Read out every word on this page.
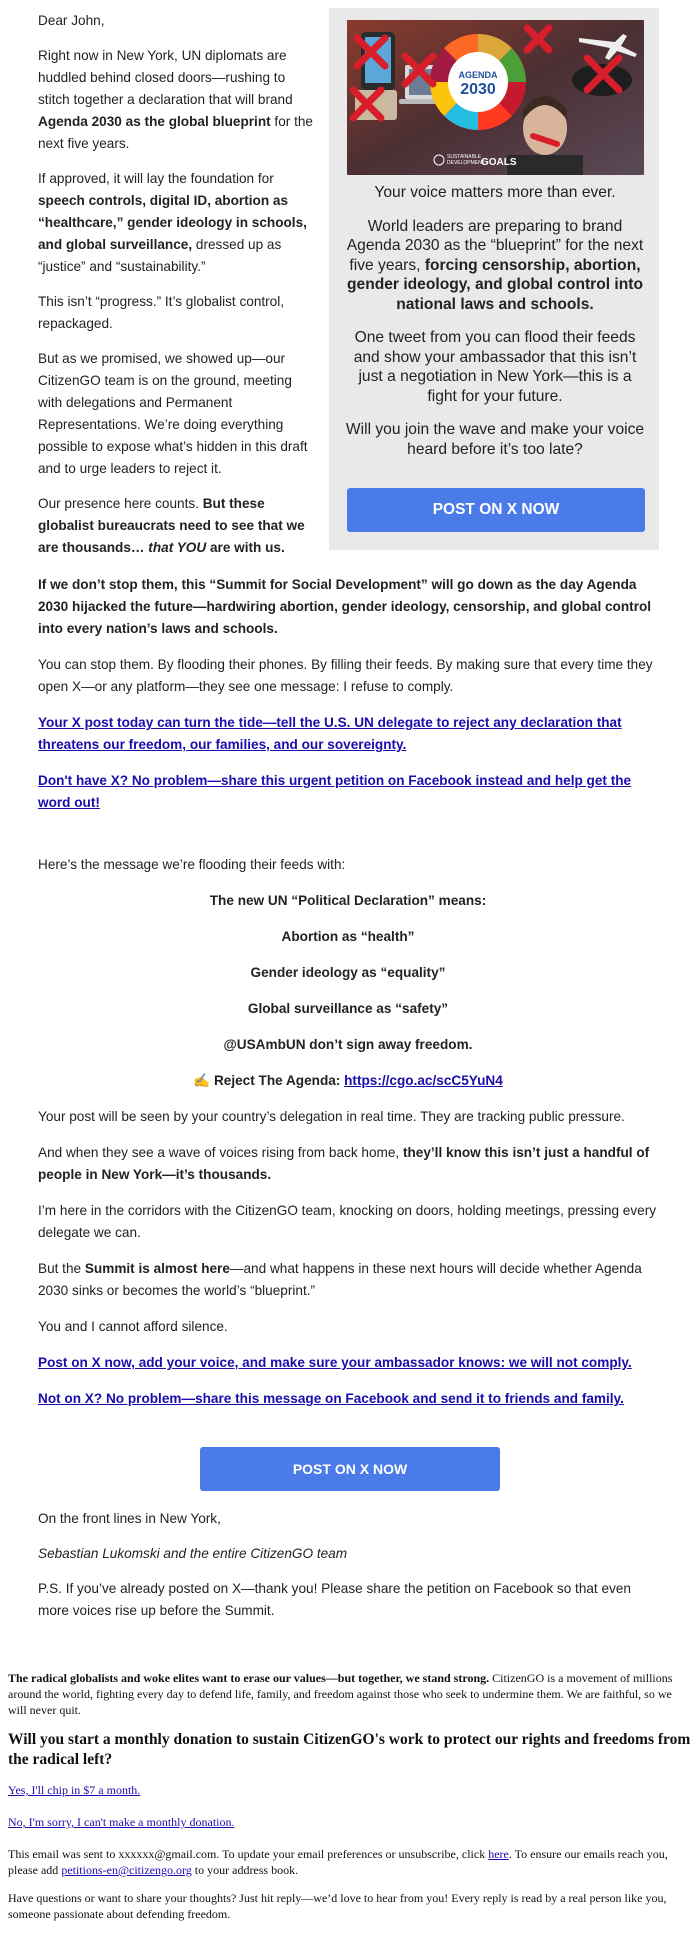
Dear John,

Right now in New York, UN diplomats are huddled behind closed doors—rushing to stitch together a declaration that will brand Agenda 2030 as the global blueprint for the next five years.

If approved, it will lay the foundation for speech controls, digital ID, abortion as “healthcare,” gender ideology in schools, and global surveillance, dressed up as “justice” and “sustainability.”

This isn’t “progress.” It’s globalist control, repackaged.

But as we promised, we showed up—our CitizenGO team is on the ground, meeting with delegations and Permanent Representations. We’re doing everything possible to expose what’s hidden in this draft and to urge leaders to reject it.

Our presence here counts. But these globalist bureaucrats need to see that we are thousands… that YOU are with us.

AGENDA
2030
SUSTAINABLE
DEVELOPMENT
GOALS

Your voice matters more than ever.

World leaders are preparing to brand Agenda 2030 as the “blueprint” for the next five years, forcing censorship, abortion, gender ideology, and global control into national laws and schools.

One tweet from you can flood their feeds and show your ambassador that this isn’t just a negotiation in New York—this is a fight for your future.

Will you join the wave and make your voice heard before it’s too late?

POST ON X NOW

If we don’t stop them, this “Summit for Social Development” will go down as the day Agenda 2030 hijacked the future—hardwiring abortion, gender ideology, censorship, and global control into every nation’s laws and schools.

You can stop them. By flooding their phones. By filling their feeds. By making sure that every time they open X—or any platform—they see one message: I refuse to comply.

Your X post today can turn the tide—tell the U.S. UN delegate to reject any declaration that threatens our freedom, our families, and our sovereignty.

Don't have X? No problem—share this urgent petition on Facebook instead and help get the word out!

Here’s the message we’re flooding their feeds with:

The new UN “Political Declaration” means:

Abortion as “health”

Gender ideology as “equality”

Global surveillance as “safety”

@USAmbUN don’t sign away freedom.

✍️ Reject The Agenda: https://cgo.ac/scC5YuN4

Your post will be seen by your country’s delegation in real time. They are tracking public pressure.

And when they see a wave of voices rising from back home, they’ll know this isn’t just a handful of people in New York—it’s thousands.

I’m here in the corridors with the CitizenGO team, knocking on doors, holding meetings, pressing every delegate we can.

But the Summit is almost here—and what happens in these next hours will decide whether Agenda 2030 sinks or becomes the world’s “blueprint.”

You and I cannot afford silence.

Post on X now, add your voice, and make sure your ambassador knows: we will not comply.

Not on X? No problem—share this message on Facebook and send it to friends and family.

POST ON X NOW

On the front lines in New York,

Sebastian Lukomski and the entire CitizenGO team

P.S. If you’ve already posted on X—thank you! Please share the petition on Facebook so that even more voices rise up before the Summit.

The radical globalists and woke elites want to erase our values—but together, we stand strong. CitizenGO is a movement of millions around the world, fighting every day to defend life, family, and freedom against those who seek to undermine them. We are faithful, so we will never quit.

Will you start a monthly donation to sustain CitizenGO's work to protect our rights and freedoms from the radical left?

Yes, I'll chip in $7 a month.

No, I'm sorry, I can't make a monthly donation.

This email was sent to xxxxxx@gmail.com. To update your email preferences or unsubscribe, click here. To ensure our emails reach you, please add petitions-en@citizengo.org to your address book.

Have questions or want to share your thoughts? Just hit reply—we’d love to hear from you! Every reply is read by a real person like you, someone passionate about defending freedom.
